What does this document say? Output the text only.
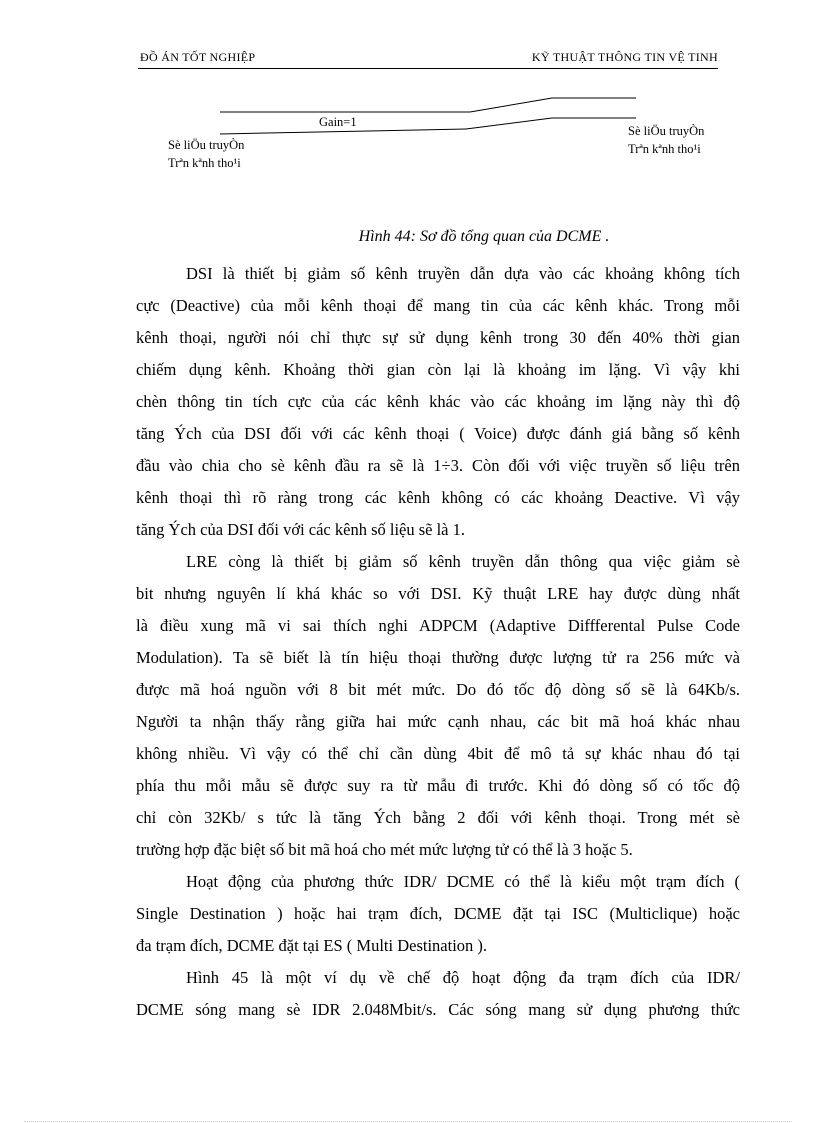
ĐỒ ÁN TỐT NGHIỆP	KỸ THUẬT THÔNG TIN VỆ TINH
Gain=1
Sè liÖu truyÒn
Trªn kªnh tho¹i
Sè liÖu truyÒn
Trªn kªnh tho¹i
Hình 44: Sơ đồ tổng quan của DCME .
DSI là thiết bị giảm số kênh truyền dẫn dựa vào các khoảng không tích
cực (Deactive) của mỗi kênh thoại để mang tin của các kênh khác. Trong mỗi
kênh thoại, người nói chỉ thực sự sử dụng kênh trong 30 đến 40% thời gian
chiếm dụng kênh. Khoảng thời gian còn lại là khoảng im lặng. Vì vậy khi
chèn thông tin tích cực của các kênh khác vào các khoảng im lặng này thì độ
tăng Ých của DSI đối với các kênh thoại ( Voice) được đánh giá bằng số kênh
đầu vào chia cho sè kênh đầu ra sẽ là 1÷3. Còn đối với việc truyền số liệu trên
kênh thoại thì rõ ràng trong các kênh không có các khoảng Deactive. Vì vậy
tăng Ých của DSI đối với các kênh số liệu sẽ là 1.
LRE còng là thiết bị giảm số kênh truyền dẫn thông qua việc giảm sè
bit nhưng nguyên lí khá khác so với DSI. Kỹ thuật LRE hay được dùng nhất
là điều xung mã vi sai thích nghi ADPCM (Adaptive Diffferental Pulse Code
Modulation). Ta sẽ biết là tín hiệu thoại thường được lượng tử ra 256 mức và
được mã hoá nguồn với 8 bit mét mức. Do đó tốc độ dòng số sẽ là 64Kb/s.
Người ta nhận thấy rằng giữa hai mức cạnh nhau, các bit mã hoá khác nhau
không nhiều. Vì vậy có thể chỉ cần dùng 4bit để mô tả sự khác nhau đó tại
phía thu mỗi mẫu sẽ được suy ra từ mẫu đi trước. Khi đó dòng số có tốc độ
chỉ còn 32Kb/ s tức là tăng Ých bằng 2 đối với kênh thoại. Trong mét sè
trường hợp đặc biệt số bit mã hoá cho mét mức lượng tử có thể là 3 hoặc 5.
Hoạt động của phương thức IDR/ DCME có thể là kiểu một trạm đích (
Single Destination ) hoặc hai trạm đích, DCME đặt tại ISC (Multiclique) hoặc
đa trạm đích, DCME đặt tại ES ( Multi Destination ).
Hình 45 là một ví dụ về chế độ hoạt động đa trạm đích của IDR/
DCME sóng mang sè IDR 2.048Mbit/s. Các sóng mang sử dụng phương thức
